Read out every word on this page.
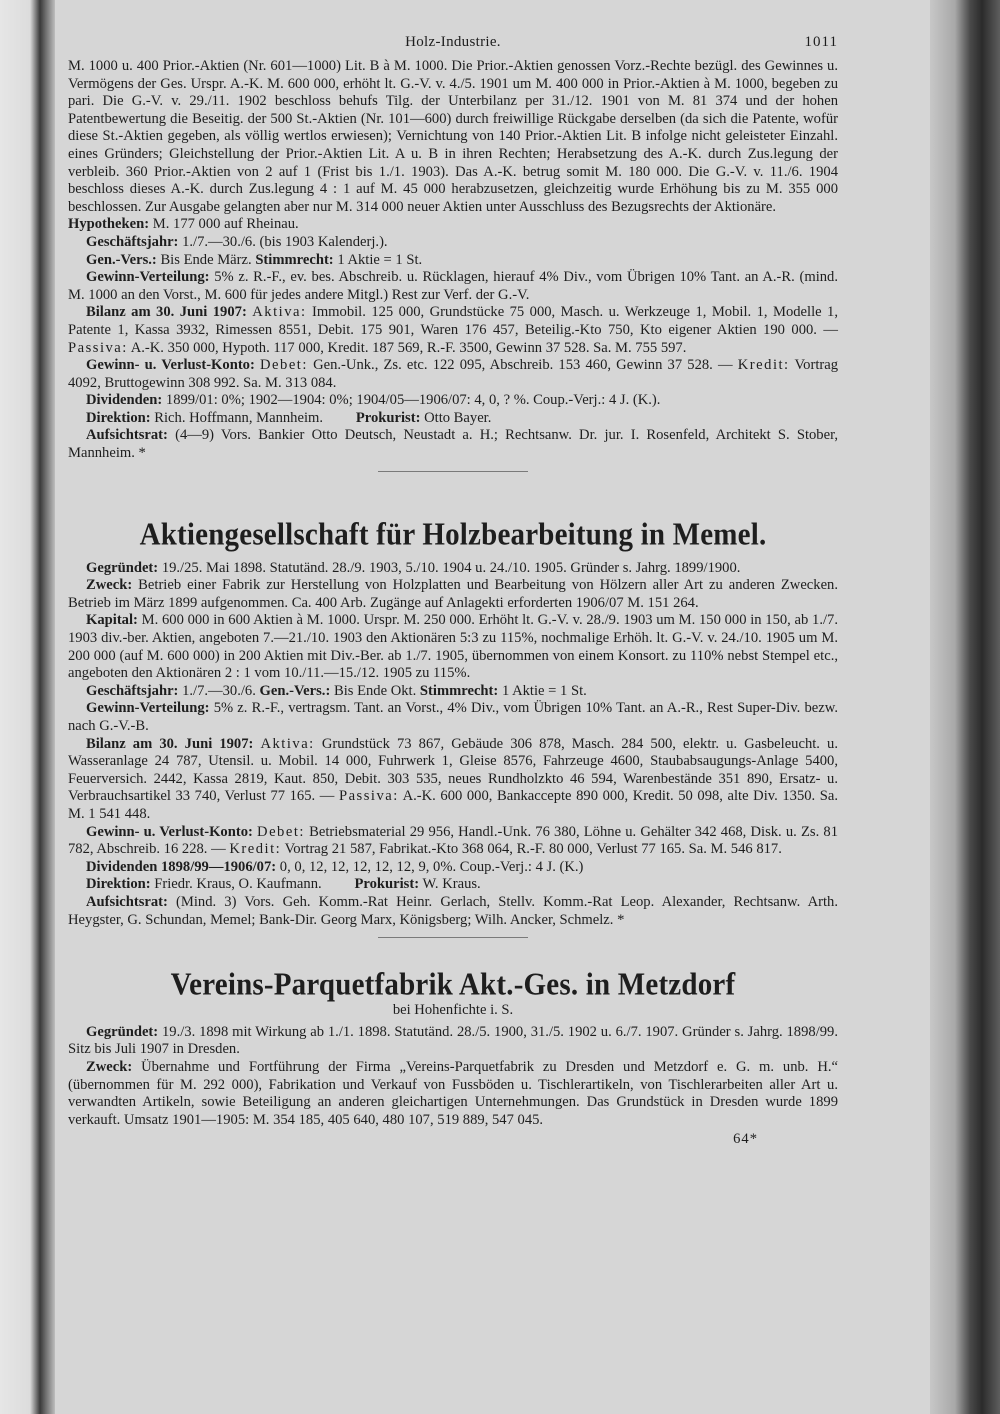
Holz-Industrie.	1011

M. 1000 u. 400 Prior.-Aktien (Nr. 601—1000) Lit. B à M. 1000. Die Prior.-Aktien genossen Vorz.-Rechte bezügl. des Gewinnes u. Vermögens der Ges. Urspr. A.-K. M. 600 000, erhöht lt. G.-V. v. 4./5. 1901 um M. 400 000 in Prior.-Aktien à M. 1000, begeben zu pari. Die G.-V. v. 29./11. 1902 beschloss behufs Tilg. der Unterbilanz per 31./12. 1901 von M. 81 374 und der hohen Patentbewertung die Beseitig. der 500 St.-Aktien (Nr. 101—600) durch freiwillige Rückgabe derselben (da sich die Patente, wofür diese St.-Aktien gegeben, als völlig wertlos erwiesen); Vernichtung von 140 Prior.-Aktien Lit. B infolge nicht geleisteter Einzahl. eines Gründers; Gleichstellung der Prior.-Aktien Lit. A u. B in ihren Rechten; Herabsetzung des A.-K. durch Zus.legung der verbleib. 360 Prior.-Aktien von 2 auf 1 (Frist bis 1./1. 1903). Das A.-K. betrug somit M. 180 000. Die G.-V. v. 11./6. 1904 beschloss dieses A.-K. durch Zus.legung 4 : 1 auf M. 45 000 herabzusetzen, gleichzeitig wurde Erhöhung bis zu M. 355 000 beschlossen. Zur Ausgabe gelangten aber nur M. 314 000 neuer Aktien unter Ausschluss des Bezugsrechts der Aktionäre.

Hypotheken: M. 177 000 auf Rheinau.

Geschäftsjahr: 1./7.—30./6. (bis 1903 Kalenderj.).

Gen.-Vers.: Bis Ende März. Stimmrecht: 1 Aktie = 1 St.

Gewinn-Verteilung: 5% z. R.-F., ev. bes. Abschreib. u. Rücklagen, hierauf 4% Div., vom Übrigen 10% Tant. an A.-R. (mind. M. 1000 an den Vorst., M. 600 für jedes andere Mitgl.) Rest zur Verf. der G.-V.

Bilanz am 30. Juni 1907: Aktiva: Immobil. 125 000, Grundstücke 75 000, Masch. u. Werkzeuge 1, Mobil. 1, Modelle 1, Patente 1, Kassa 3932, Rimessen 8551, Debit. 175 901, Waren 176 457, Beteilig.-Kto 750, Kto eigener Aktien 190 000. — Passiva: A.-K. 350 000, Hypoth. 117 000, Kredit. 187 569, R.-F. 3500, Gewinn 37 528. Sa. M. 755 597.

Gewinn- u. Verlust-Konto: Debet: Gen.-Unk., Zs. etc. 122 095, Abschreib. 153 460, Gewinn 37 528. — Kredit: Vortrag 4092, Bruttogewinn 308 992. Sa. M. 313 084.

Dividenden: 1899/01: 0%; 1902—1904: 0%; 1904/05—1906/07: 4, 0, ? %. Coup.-Verj.: 4 J. (K.).

Direktion: Rich. Hoffmann, Mannheim. Prokurist: Otto Bayer.

Aufsichtsrat: (4—9) Vors. Bankier Otto Deutsch, Neustadt a. H.; Rechtsanw. Dr. jur. I. Rosenfeld, Architekt S. Stober, Mannheim. *

Aktiengesellschaft für Holzbearbeitung in Memel.

Gegründet: 19./25. Mai 1898. Statutänd. 28./9. 1903, 5./10. 1904 u. 24./10. 1905. Gründer s. Jahrg. 1899/1900.

Zweck: Betrieb einer Fabrik zur Herstellung von Holzplatten und Bearbeitung von Hölzern aller Art zu anderen Zwecken. Betrieb im März 1899 aufgenommen. Ca. 400 Arb. Zugänge auf Anlagekti erforderten 1906/07 M. 151 264.

Kapital: M. 600 000 in 600 Aktien à M. 1000. Urspr. M. 250 000. Erhöht lt. G.-V. v. 28./9. 1903 um M. 150 000 in 150, ab 1./7. 1903 div.-ber. Aktien, angeboten 7.—21./10. 1903 den Aktionären 5:3 zu 115%, nochmalige Erhöh. lt. G.-V. v. 24./10. 1905 um M. 200 000 (auf M. 600 000) in 200 Aktien mit Div.-Ber. ab 1./7. 1905, übernommen von einem Konsort. zu 110% nebst Stempel etc., angeboten den Aktionären 2 : 1 vom 10./11.—15./12. 1905 zu 115%.

Geschäftsjahr: 1./7.—30./6. Gen.-Vers.: Bis Ende Okt. Stimmrecht: 1 Aktie = 1 St.

Gewinn-Verteilung: 5% z. R.-F., vertragsm. Tant. an Vorst., 4% Div., vom Übrigen 10% Tant. an A.-R., Rest Super-Div. bezw. nach G.-V.-B.

Bilanz am 30. Juni 1907: Aktiva: Grundstück 73 867, Gebäude 306 878, Masch. 284 500, elektr. u. Gasbeleucht. u. Wasseranlage 24 787, Utensil. u. Mobil. 14 000, Fuhrwerk 1, Gleise 8576, Fahrzeuge 4600, Staubabsaugungs-Anlage 5400, Feuerversich. 2442, Kassa 2819, Kaut. 850, Debit. 303 535, neues Rundholzkto 46 594, Warenbestände 351 890, Ersatz- u. Verbrauchsartikel 33 740, Verlust 77 165. — Passiva: A.-K. 600 000, Bankaccepte 890 000, Kredit. 50 098, alte Div. 1350. Sa. M. 1 541 448.

Gewinn- u. Verlust-Konto: Debet: Betriebsmaterial 29 956, Handl.-Unk. 76 380, Löhne u. Gehälter 342 468, Disk. u. Zs. 81 782, Abschreib. 16 228. — Kredit: Vortrag 21 587, Fabrikat.-Kto 368 064, R.-F. 80 000, Verlust 77 165. Sa. M. 546 817.

Dividenden 1898/99—1906/07: 0, 0, 12, 12, 12, 12, 12, 9, 0%. Coup.-Verj.: 4 J. (K.)

Direktion: Friedr. Kraus, O. Kaufmann. Prokurist: W. Kraus.

Aufsichtsrat: (Mind. 3) Vors. Geh. Komm.-Rat Heinr. Gerlach, Stellv. Komm.-Rat Leop. Alexander, Rechtsanw. Arth. Heygster, G. Schundan, Memel; Bank-Dir. Georg Marx, Königsberg; Wilh. Ancker, Schmelz. *

Vereins-Parquetfabrik Akt.-Ges. in Metzdorf
bei Hohenfichte i. S.

Gegründet: 19./3. 1898 mit Wirkung ab 1./1. 1898. Statutänd. 28./5. 1900, 31./5. 1902 u. 6./7. 1907. Gründer s. Jahrg. 1898/99. Sitz bis Juli 1907 in Dresden.

Zweck: Übernahme und Fortführung der Firma „Vereins-Parquetfabrik zu Dresden und Metzdorf e. G. m. unb. H.“ (übernommen für M. 292 000), Fabrikation und Verkauf von Fussböden u. Tischlerartikeln, von Tischlerarbeiten aller Art u. verwandten Artikeln, sowie Beteiligung an anderen gleichartigen Unternehmungen. Das Grundstück in Dresden wurde 1899 verkauft. Umsatz 1901—1905: M. 354 185, 405 640, 480 107, 519 889, 547 045.

64*
